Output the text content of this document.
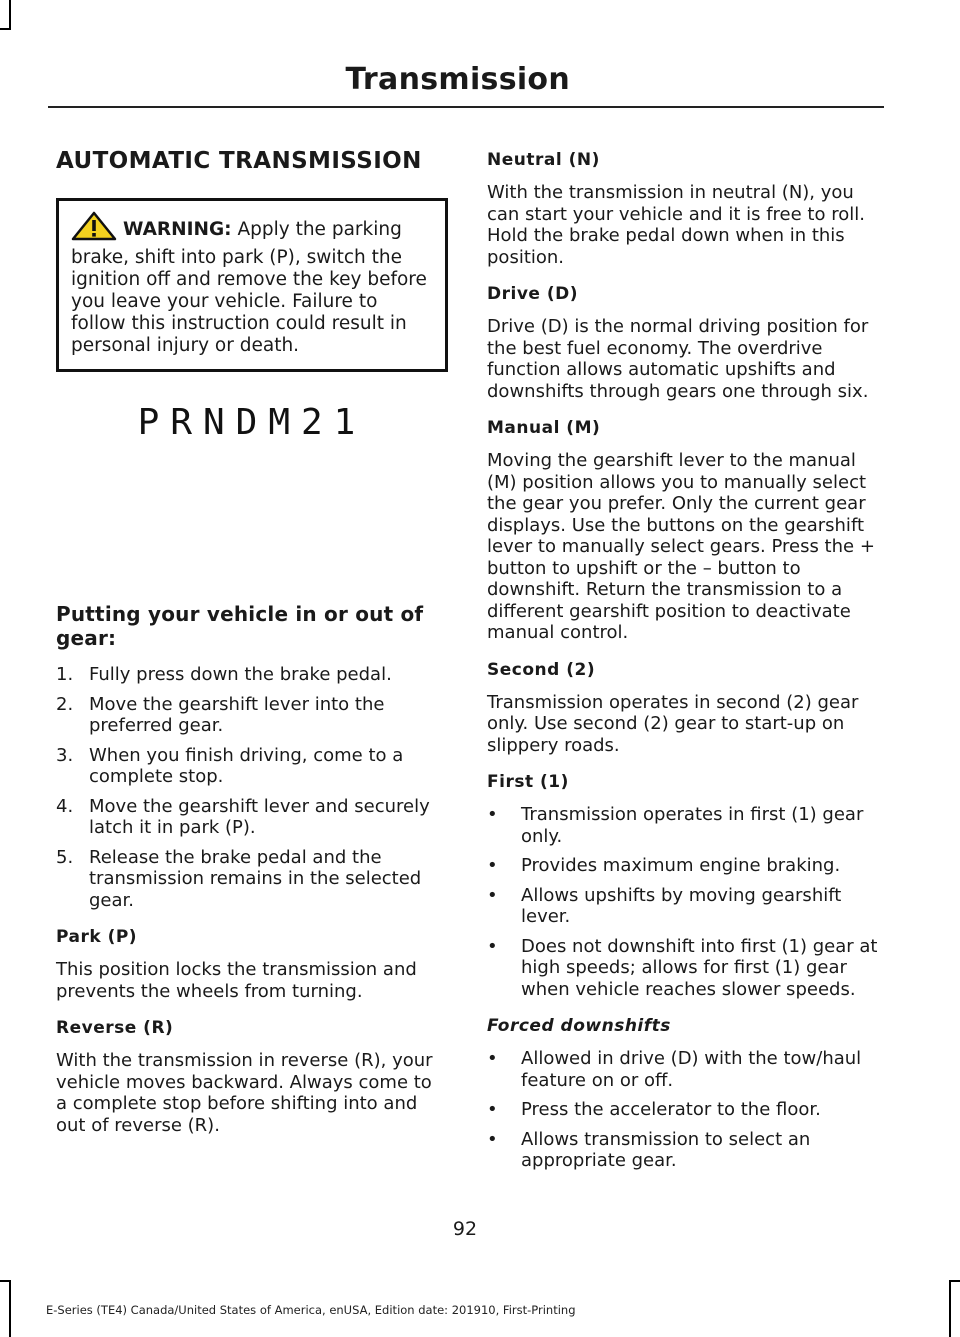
Transmission
AUTOMATIC TRANSMISSION
WARNING: Apply the parking brake, shift into park (P), switch the ignition off and remove the key before you leave your vehicle. Failure to follow this instruction could result in personal injury or death.
PRNDM21
Putting your vehicle in or out of gear:
1. Fully press down the brake pedal.
2. Move the gearshift lever into the preferred gear.
3. When you finish driving, come to a complete stop.
4. Move the gearshift lever and securely latch it in park (P).
5. Release the brake pedal and the transmission remains in the selected gear.
Park (P)

This position locks the transmission and prevents the wheels from turning.

Reverse (R)

With the transmission in reverse (R), your vehicle moves backward. Always come to a complete stop before shifting into and out of reverse (R).

Neutral (N)

With the transmission in neutral (N), you can start your vehicle and it is free to roll. Hold the brake pedal down when in this position.

Drive (D)

Drive (D) is the normal driving position for the best fuel economy. The overdrive function allows automatic upshifts and downshifts through gears one through six.

Manual (M)

Moving the gearshift lever to the manual (M) position allows you to manually select the gear you prefer. Only the current gear displays. Use the buttons on the gearshift lever to manually select gears. Press the + button to upshift or the – button to downshift. Return the transmission to a different gearshift position to deactivate manual control.

Second (2)

Transmission operates in second (2) gear only. Use second (2) gear to start-up on slippery roads.

First (1)
• Transmission operates in first (1) gear only.
• Provides maximum engine braking.
• Allows upshifts by moving gearshift lever.
• Does not downshift into first (1) gear at high speeds; allows for first (1) gear when vehicle reaches slower speeds.
Forced downshifts
• Allowed in drive (D) with the tow/haul feature on or off.
• Press the accelerator to the floor.
• Allows transmission to select an appropriate gear.
92
E-Series (TE4) Canada/United States of America, enUSA, Edition date: 201910, First-Printing
